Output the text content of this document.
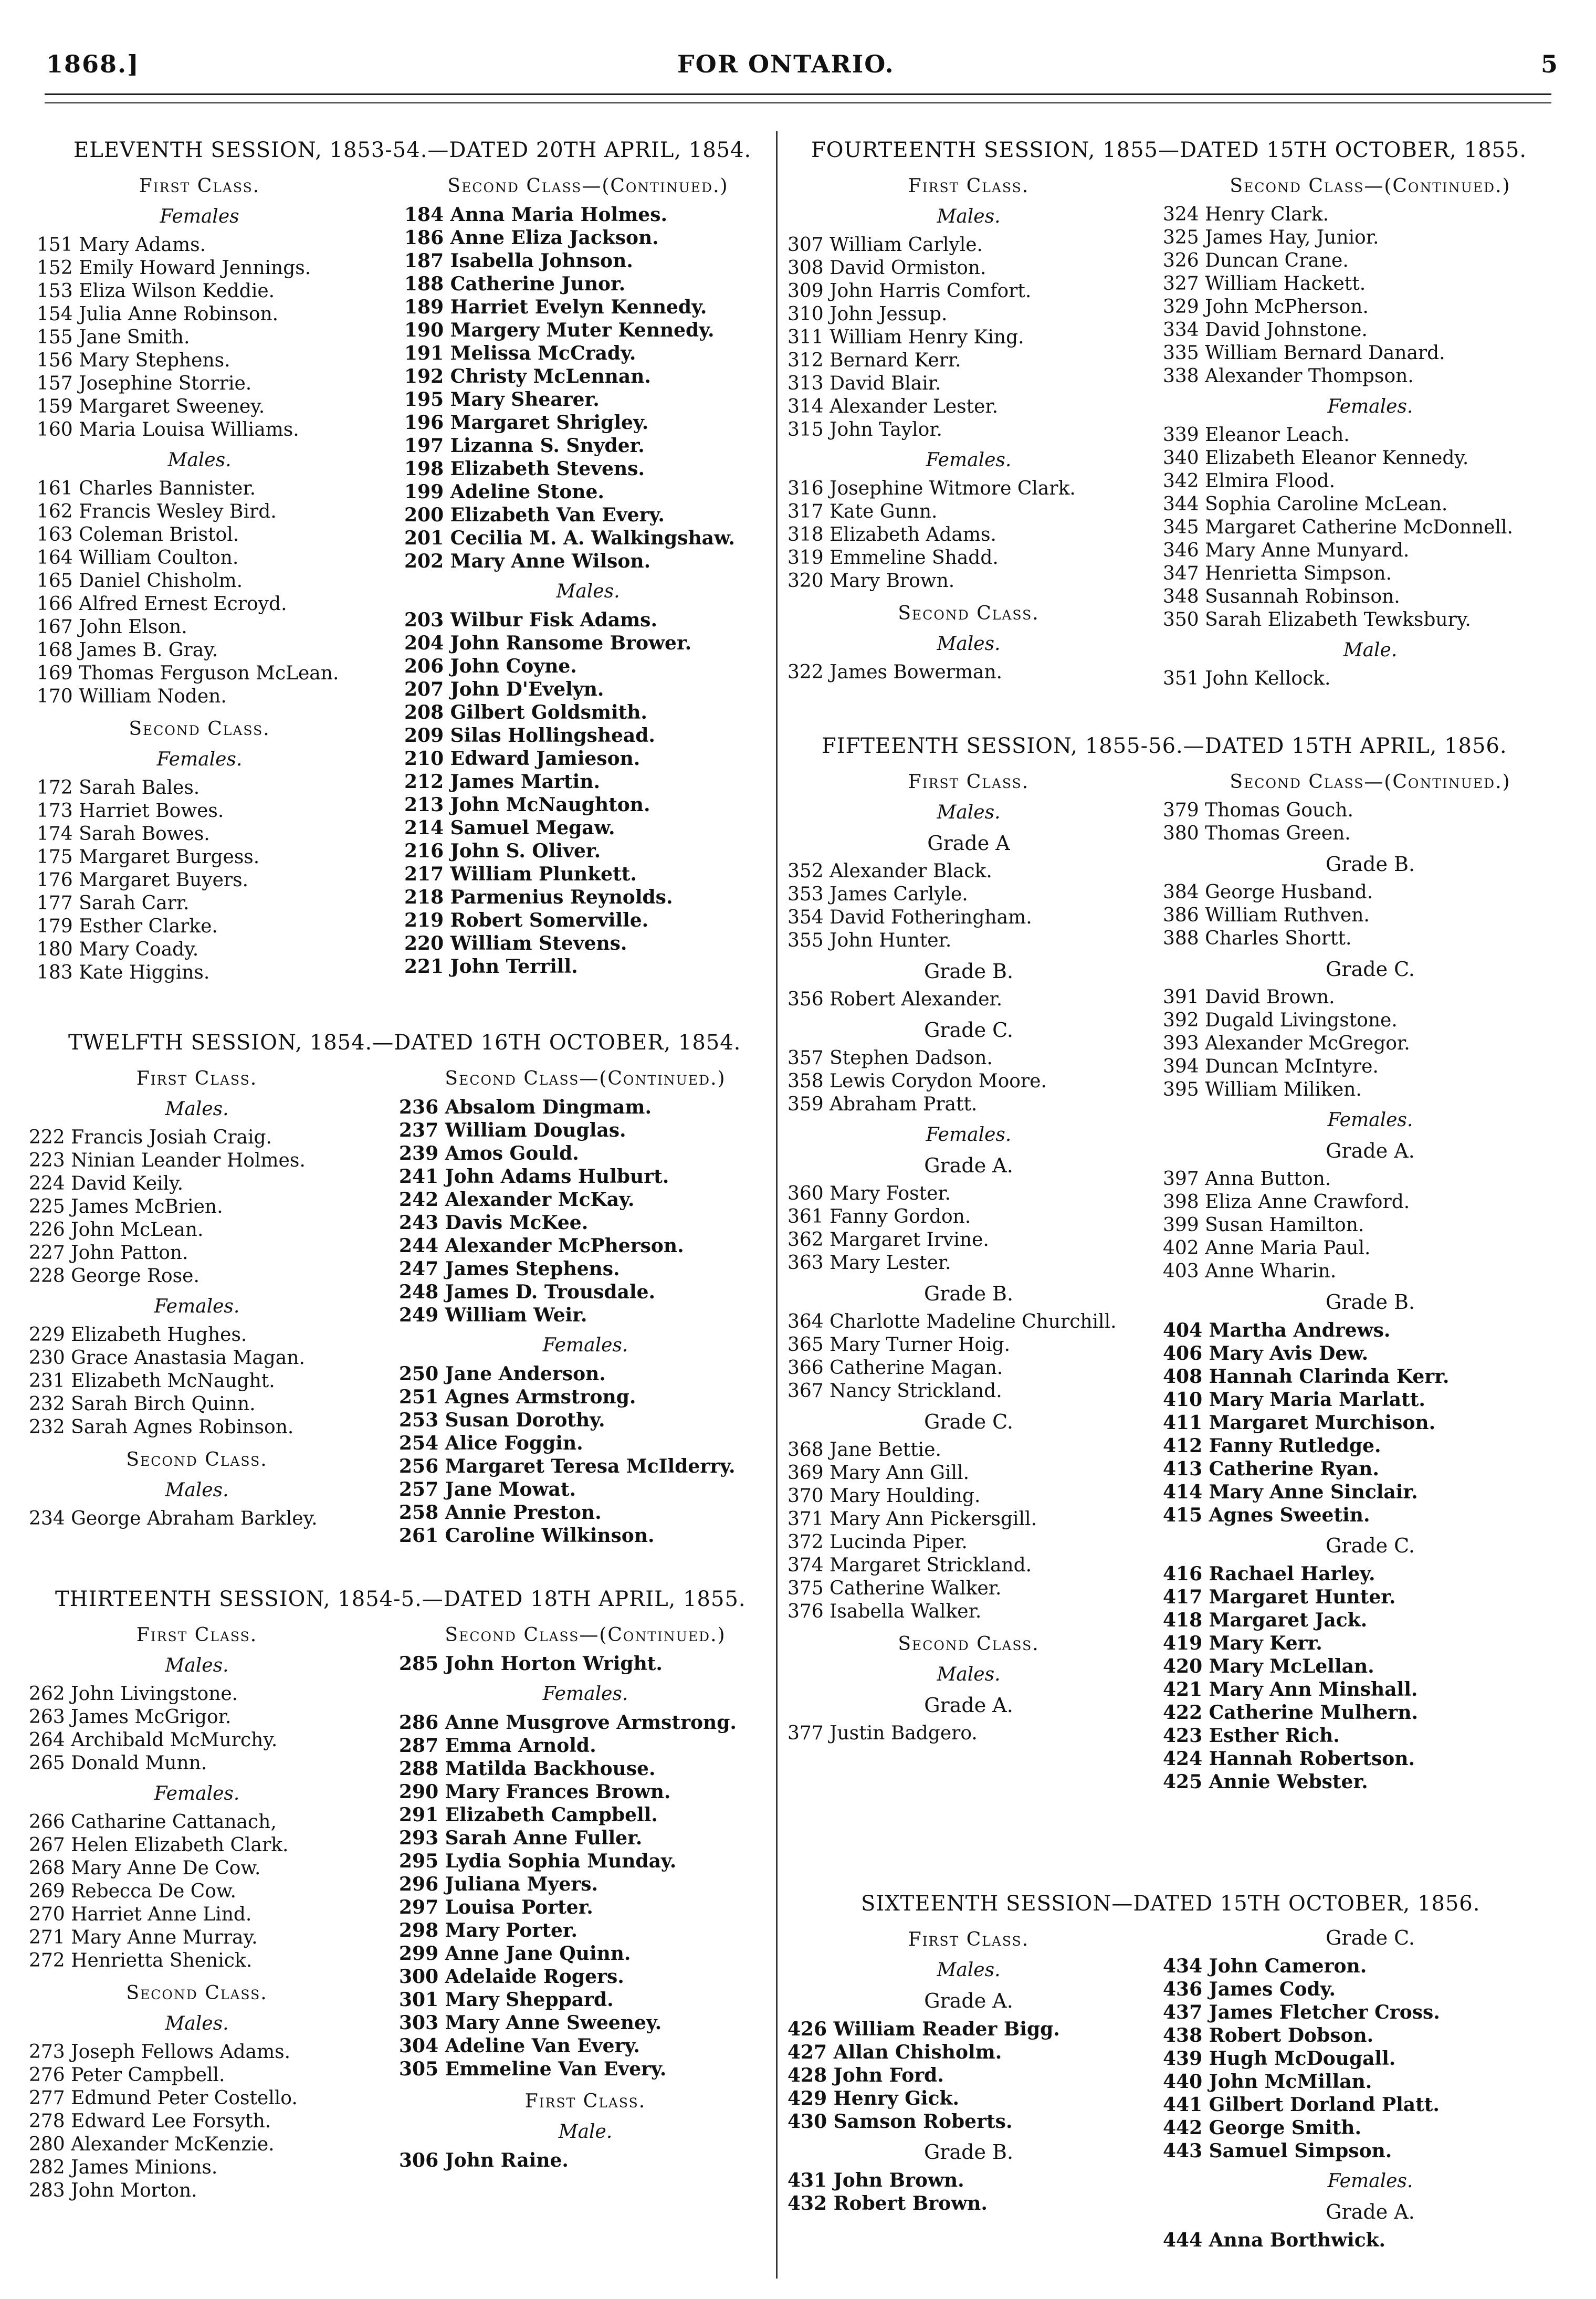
1868.]	FOR ONTARIO.	5
ELEVENTH SESSION, 1853-54.—DATED 20TH APRIL, 1854.
First Class.
Females
151 Mary Adams.
152 Emily Howard Jennings.
153 Eliza Wilson Keddie.
154 Julia Anne Robinson.
155 Jane Smith.
156 Mary Stephens.
157 Josephine Storrie.
159 Margaret Sweeney.
160 Maria Louisa Williams.
Males.
161 Charles Bannister.
162 Francis Wesley Bird.
163 Coleman Bristol.
164 William Coulton.
165 Daniel Chisholm.
166 Alfred Ernest Ecroyd.
167 John Elson.
168 James B. Gray.
169 Thomas Ferguson McLean.
170 William Noden.
Second Class.
Females.
172 Sarah Bales.
173 Harriet Bowes.
174 Sarah Bowes.
175 Margaret Burgess.
176 Margaret Buyers.
177 Sarah Carr.
179 Esther Clarke.
180 Mary Coady.
183 Kate Higgins.
Second Class—(Continued.)
184 Anna Maria Holmes.
186 Anne Eliza Jackson.
187 Isabella Johnson.
188 Catherine Junor.
189 Harriet Evelyn Kennedy.
190 Margery Muter Kennedy.
191 Melissa McCrady.
192 Christy McLennan.
195 Mary Shearer.
196 Margaret Shrigley.
197 Lizanna S. Snyder.
198 Elizabeth Stevens.
199 Adeline Stone.
200 Elizabeth Van Every.
201 Cecilia M. A. Walkingshaw.
202 Mary Anne Wilson.
Males.
203 Wilbur Fisk Adams.
204 John Ransome Brower.
206 John Coyne.
207 John D'Evelyn.
208 Gilbert Goldsmith.
209 Silas Hollingshead.
210 Edward Jamieson.
212 James Martin.
213 John McNaughton.
214 Samuel Megaw.
216 John S. Oliver.
217 William Plunkett.
218 Parmenius Reynolds.
219 Robert Somerville.
220 William Stevens.
221 John Terrill.
TWELFTH SESSION, 1854.—DATED 16TH OCTOBER, 1854.
First Class.
Males.
222 Francis Josiah Craig.
223 Ninian Leander Holmes.
224 David Keily.
225 James McBrien.
226 John McLean.
227 John Patton.
228 George Rose.
Females.
229 Elizabeth Hughes.
230 Grace Anastasia Magan.
231 Elizabeth McNaught.
232 Sarah Birch Quinn.
232 Sarah Agnes Robinson.
Second Class.
Males.
234 George Abraham Barkley.
Second Class—(Continued.)
236 Absalom Dingmam.
237 William Douglas.
239 Amos Gould.
241 John Adams Hulburt.
242 Alexander McKay.
243 Davis McKee.
244 Alexander McPherson.
247 James Stephens.
248 James D. Trousdale.
249 William Weir.
Females.
250 Jane Anderson.
251 Agnes Armstrong.
253 Susan Dorothy.
254 Alice Foggin.
256 Margaret Teresa McIlderry.
257 Jane Mowat.
258 Annie Preston.
261 Caroline Wilkinson.
THIRTEENTH SESSION, 1854-5.—DATED 18TH APRIL, 1855.
First Class.
Males.
262 John Livingstone.
263 James McGrigor.
264 Archibald McMurchy.
265 Donald Munn.
Females.
266 Catharine Cattanach,
267 Helen Elizabeth Clark.
268 Mary Anne De Cow.
269 Rebecca De Cow.
270 Harriet Anne Lind.
271 Mary Anne Murray.
272 Henrietta Shenick.
Second Class.
Males.
273 Joseph Fellows Adams.
276 Peter Campbell.
277 Edmund Peter Costello.
278 Edward Lee Forsyth.
280 Alexander McKenzie.
282 James Minions.
283 John Morton.
Second Class—(Continued.)
285 John Horton Wright.
Females.
286 Anne Musgrove Armstrong.
287 Emma Arnold.
288 Matilda Backhouse.
290 Mary Frances Brown.
291 Elizabeth Campbell.
293 Sarah Anne Fuller.
295 Lydia Sophia Munday.
296 Juliana Myers.
297 Louisa Porter.
298 Mary Porter.
299 Anne Jane Quinn.
300 Adelaide Rogers.
301 Mary Sheppard.
303 Mary Anne Sweeney.
304 Adeline Van Every.
305 Emmeline Van Every.
First Class.
Male.
306 John Raine.
FOURTEENTH SESSION, 1855—DATED 15TH OCTOBER, 1855.
First Class.
Males.
307 William Carlyle.
308 David Ormiston.
309 John Harris Comfort.
310 John Jessup.
311 William Henry King.
312 Bernard Kerr.
313 David Blair.
314 Alexander Lester.
315 John Taylor.
Females.
316 Josephine Witmore Clark.
317 Kate Gunn.
318 Elizabeth Adams.
319 Emmeline Shadd.
320 Mary Brown.
Second Class.
Males.
322 James Bowerman.
Second Class—(Continued.)
324 Henry Clark.
325 James Hay, Junior.
326 Duncan Crane.
327 William Hackett.
329 John McPherson.
334 David Johnstone.
335 William Bernard Danard.
338 Alexander Thompson.
Females.
339 Eleanor Leach.
340 Elizabeth Eleanor Kennedy.
342 Elmira Flood.
344 Sophia Caroline McLean.
345 Margaret Catherine McDonnell.
346 Mary Anne Munyard.
347 Henrietta Simpson.
348 Susannah Robinson.
350 Sarah Elizabeth Tewksbury.
Male.
351 John Kellock.
FIFTEENTH SESSION, 1855-56.—DATED 15TH APRIL, 1856.
First Class.
Males.
Grade A
352 Alexander Black.
353 James Carlyle.
354 David Fotheringham.
355 John Hunter.
Grade B.
356 Robert Alexander.
Grade C.
357 Stephen Dadson.
358 Lewis Corydon Moore.
359 Abraham Pratt.
Females.
Grade A.
360 Mary Foster.
361 Fanny Gordon.
362 Margaret Irvine.
363 Mary Lester.
Grade B.
364 Charlotte Madeline Churchill.
365 Mary Turner Hoig.
366 Catherine Magan.
367 Nancy Strickland.
Grade C.
368 Jane Bettie.
369 Mary Ann Gill.
370 Mary Houlding.
371 Mary Ann Pickersgill.
372 Lucinda Piper.
374 Margaret Strickland.
375 Catherine Walker.
376 Isabella Walker.
Second Class.
Males.
Grade A.
377 Justin Badgero.
Second Class—(Continued.)
379 Thomas Gouch.
380 Thomas Green.
Grade B.
384 George Husband.
386 William Ruthven.
388 Charles Shortt.
Grade C.
391 David Brown.
392 Dugald Livingstone.
393 Alexander McGregor.
394 Duncan McIntyre.
395 William Miliken.
Females.
Grade A.
397 Anna Button.
398 Eliza Anne Crawford.
399 Susan Hamilton.
402 Anne Maria Paul.
403 Anne Wharin.
Grade B.
404 Martha Andrews.
406 Mary Avis Dew.
408 Hannah Clarinda Kerr.
410 Mary Maria Marlatt.
411 Margaret Murchison.
412 Fanny Rutledge.
413 Catherine Ryan.
414 Mary Anne Sinclair.
415 Agnes Sweetin.
Grade C.
416 Rachael Harley.
417 Margaret Hunter.
418 Margaret Jack.
419 Mary Kerr.
420 Mary McLellan.
421 Mary Ann Minshall.
422 Catherine Mulhern.
423 Esther Rich.
424 Hannah Robertson.
425 Annie Webster.
SIXTEENTH SESSION—DATED 15TH OCTOBER, 1856.
First Class.
Males.
Grade A.
426 William Reader Bigg.
427 Allan Chisholm.
428 John Ford.
429 Henry Gick.
430 Samson Roberts.
Grade B.
431 John Brown.
432 Robert Brown.
Grade C.
434 John Cameron.
436 James Cody.
437 James Fletcher Cross.
438 Robert Dobson.
439 Hugh McDougall.
440 John McMillan.
441 Gilbert Dorland Platt.
442 George Smith.
443 Samuel Simpson.
Females.
Grade A.
444 Anna Borthwick.
